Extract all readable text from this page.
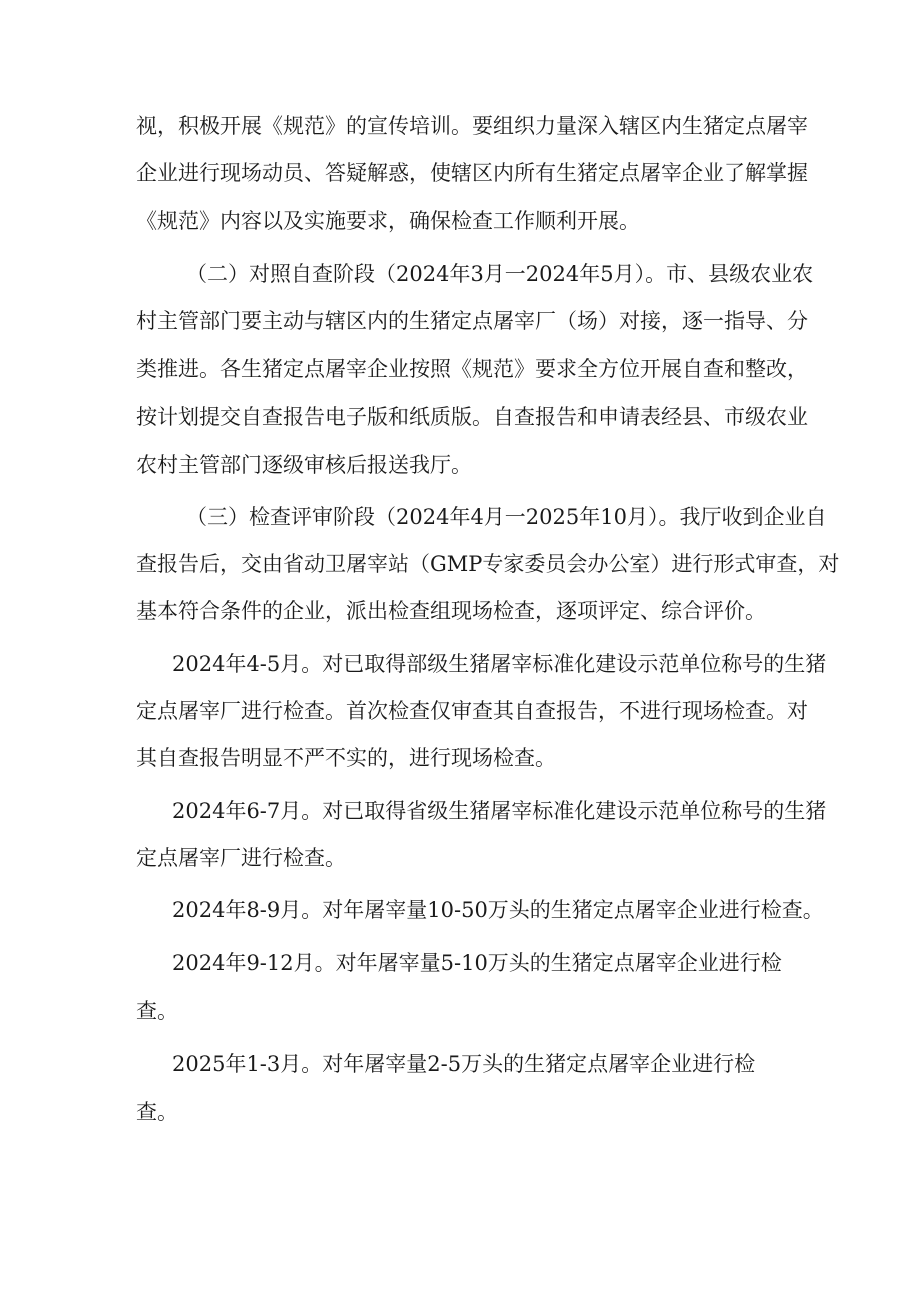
视，积极开展《规范》的宣传培训。要组织力量深入辖区内生猪定点屠宰
企业进行现场动员、答疑解惑，使辖区内所有生猪定点屠宰企业了解掌握
《规范》内容以及实施要求，确保检查工作顺利开展。
（二）对照自查阶段（2024年3月一2024年5月）。市、县级农业农
村主管部门要主动与辖区内的生猪定点屠宰厂（场）对接，逐一指导、分
类推进。各生猪定点屠宰企业按照《规范》要求全方位开展自查和整改，
按计划提交自查报告电子版和纸质版。自查报告和申请表经县、市级农业
农村主管部门逐级审核后报送我厅。
（三）检查评审阶段（2024年4月一2025年10月）。我厅收到企业自
查报告后，交由省动卫屠宰站（GMP专家委员会办公室）进行形式审查，对
基本符合条件的企业，派出检查组现场检查，逐项评定、综合评价。
2024年4-5月。对已取得部级生猪屠宰标准化建设示范单位称号的生猪
定点屠宰厂进行检查。首次检查仅审查其自查报告，不进行现场检查。对
其自查报告明显不严不实的，进行现场检查。
2024年6-7月。对已取得省级生猪屠宰标准化建设示范单位称号的生猪
定点屠宰厂进行检查。
2024年8-9月。对年屠宰量10-50万头的生猪定点屠宰企业进行检查。
2024年9-12月。对年屠宰量5-10万头的生猪定点屠宰企业进行检
查。
2025年1-3月。对年屠宰量2-5万头的生猪定点屠宰企业进行检
查。
